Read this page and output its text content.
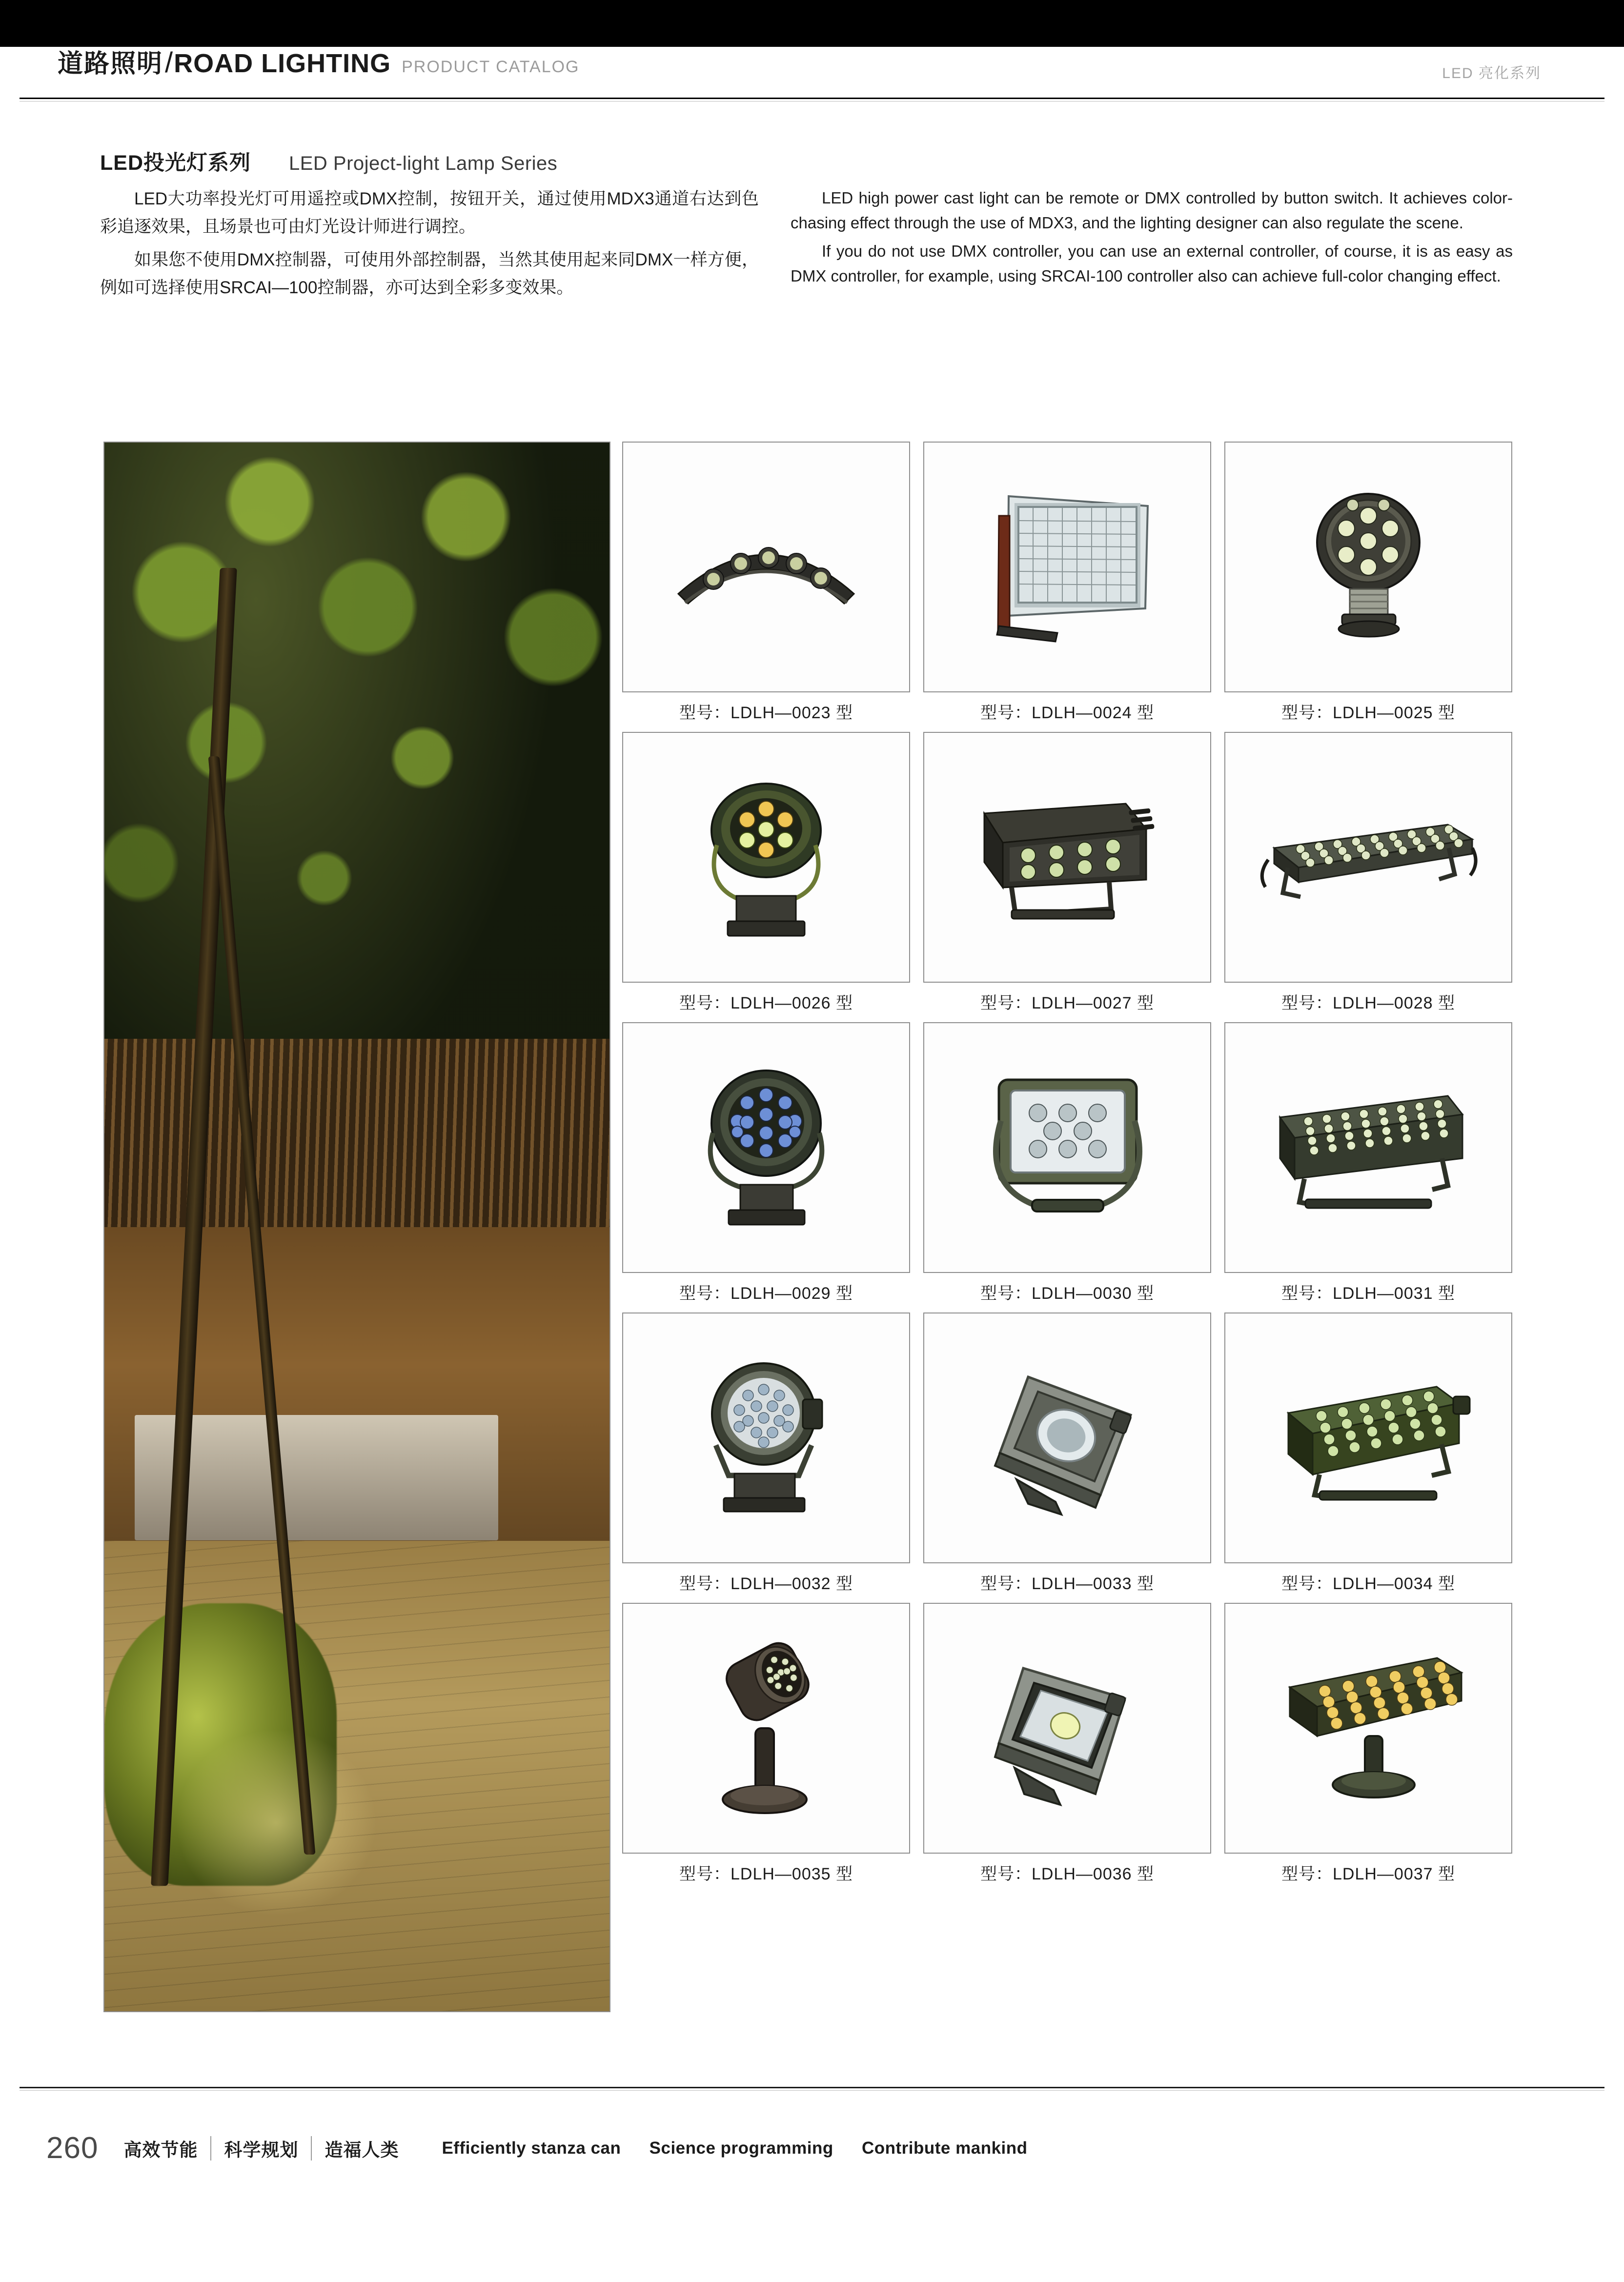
道路照明 / ROAD LIGHTING PRODUCT CATALOG	LED 亮化系列
LED投光灯系列 LED Project-light Lamp Series

LED大功率投光灯可用遥控或DMX控制，按钮开关，通过使用MDX3通道右达到色彩追逐效果，且场景也可由灯光设计师进行调控。

如果您不使用DMX控制器，可使用外部控制器，当然其使用起来同DMX一样方便，例如可选择使用SRCAI—100控制器，亦可达到全彩多变效果。

LED high power cast light can be remote or DMX controlled by button switch. It achieves color-chasing effect through the use of MDX3, and the lighting designer can also regulate the scene.

If you do not use DMX controller, you can use an external controller, of course, it is as easy as DMX controller, for example, using SRCAI-100 controller also can achieve full-color changing effect.

型号：LDLH—0023 型	型号：LDLH—0024 型	型号：LDLH—0025 型
型号：LDLH—0026 型	型号：LDLH—0027 型	型号：LDLH—0028 型
型号：LDLH—0029 型	型号：LDLH—0030 型	型号：LDLH—0031 型
型号：LDLH—0032 型	型号：LDLH—0033 型	型号：LDLH—0034 型
型号：LDLH—0035 型	型号：LDLH—0036 型	型号：LDLH—0037 型
260	高效节能	科学规划	造福人类	Efficiently stanza can Science programming Contribute mankind
